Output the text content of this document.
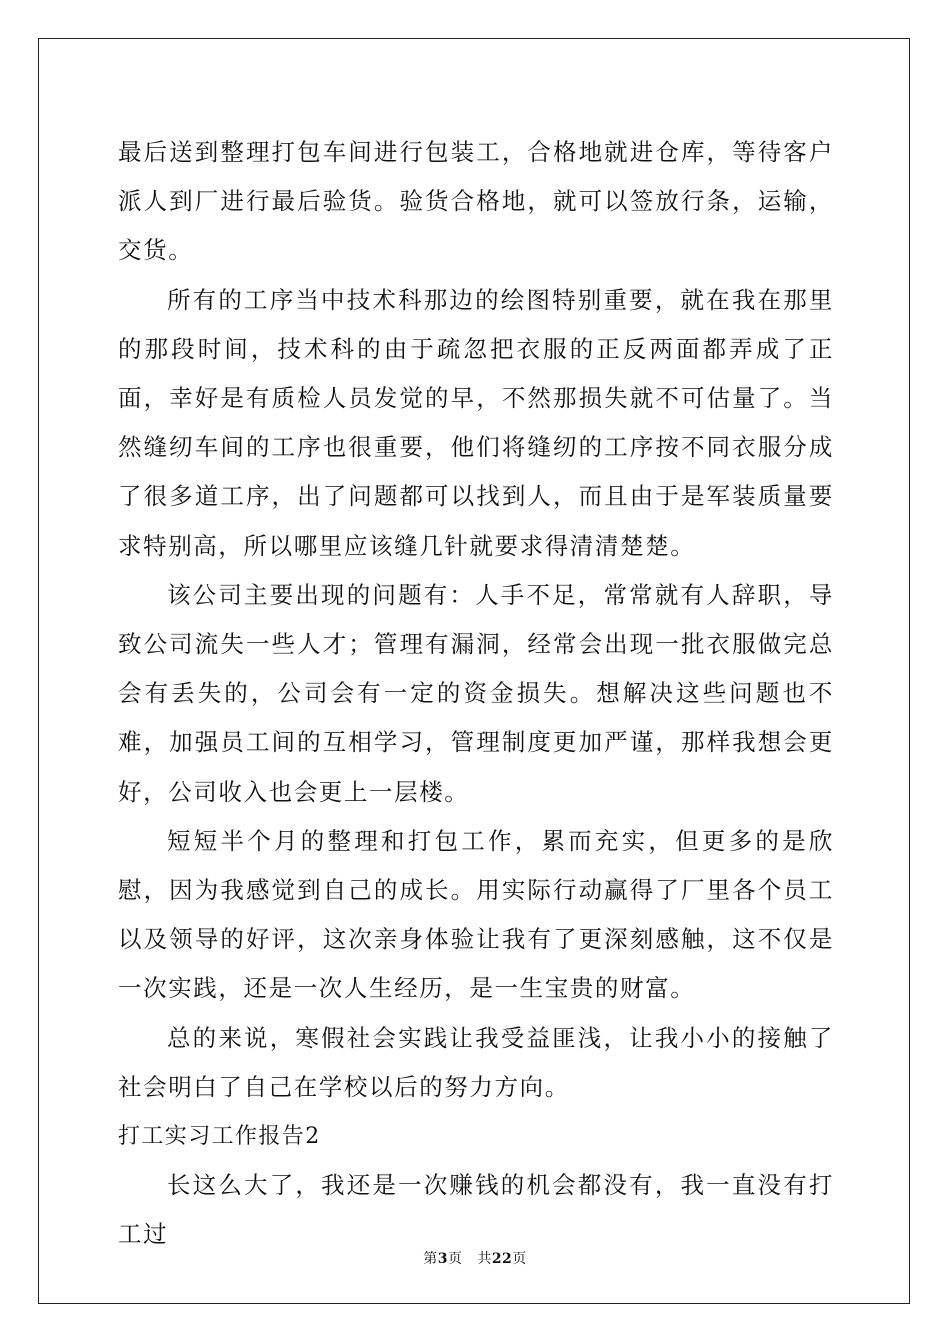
最后送到整理打包车间进行包装工，合格地就进仓库，等待客户派人到厂进行最后验货。验货合格地，就可以签放行条，运输，交货。

所有的工序当中技术科那边的绘图特别重要，就在我在那里的那段时间，技术科的由于疏忽把衣服的正反两面都弄成了正面，幸好是有质检人员发觉的早，不然那损失就不可估量了。当然缝纫车间的工序也很重要，他们将缝纫的工序按不同衣服分成了很多道工序，出了问题都可以找到人，而且由于是军装质量要求特别高，所以哪里应该缝几针就要求得清清楚楚。

该公司主要出现的问题有：人手不足，常常就有人辞职，导致公司流失一些人才；管理有漏洞，经常会出现一批衣服做完总会有丢失的，公司会有一定的资金损失。想解决这些问题也不难，加强员工间的互相学习，管理制度更加严谨，那样我想会更好，公司收入也会更上一层楼。

短短半个月的整理和打包工作，累而充实，但更多的是欣慰，因为我感觉到自己的成长。用实际行动赢得了厂里各个员工以及领导的好评，这次亲身体验让我有了更深刻感触，这不仅是一次实践，还是一次人生经历，是一生宝贵的财富。

总的来说，寒假社会实践让我受益匪浅，让我小小的接触了社会明白了自己在学校以后的努力方向。

打工实习工作报告2

长这么大了，我还是一次赚钱的机会都没有，我一直没有打工过

第3页 共22页
